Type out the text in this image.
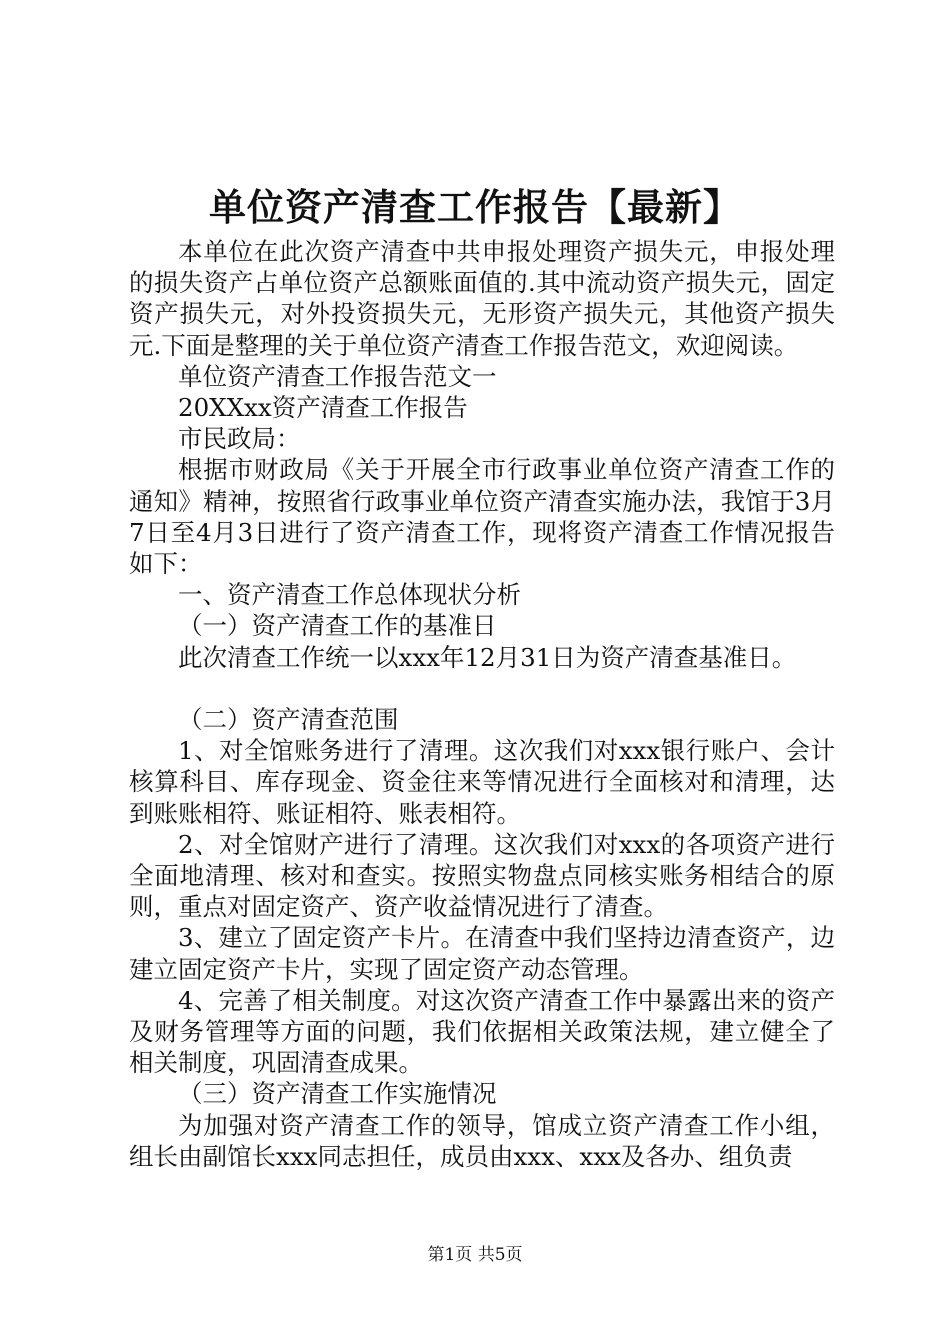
单位资产清查工作报告【最新】

本单位在此次资产清查中共申报处理资产损失元，申报处理的损失资产占单位资产总额账面值的.其中流动资产损失元，固定资产损失元，对外投资损失元，无形资产损失元，其他资产损失元.下面是整理的关于单位资产清查工作报告范文，欢迎阅读。

单位资产清查工作报告范文一

20XXxx资产清查工作报告

市民政局：

根据市财政局《关于开展全市行政事业单位资产清查工作的通知》精神，按照省行政事业单位资产清查实施办法，我馆于3月7日至4月3日进行了资产清查工作，现将资产清查工作情况报告如下：

一、资产清查工作总体现状分析

（一）资产清查工作的基准日

此次清查工作统一以xxx年12月31日为资产清查基准日。

（二）资产清查范围

1、对全馆账务进行了清理。这次我们对xxx银行账户、会计核算科目、库存现金、资金往来等情况进行全面核对和清理，达到账账相符、账证相符、账表相符。

2、对全馆财产进行了清理。这次我们对xxx的各项资产进行全面地清理、核对和查实。按照实物盘点同核实账务相结合的原则，重点对固定资产、资产收益情况进行了清查。

3、建立了固定资产卡片。在清查中我们坚持边清查资产，边建立固定资产卡片，实现了固定资产动态管理。

4、完善了相关制度。对这次资产清查工作中暴露出来的资产及财务管理等方面的问题，我们依据相关政策法规，建立健全了相关制度，巩固清查成果。

（三）资产清查工作实施情况

为加强对资产清查工作的领导，馆成立资产清查工作小组，组长由副馆长xxx同志担任，成员由xxx、xxx及各办、组负责

第1页 共5页
